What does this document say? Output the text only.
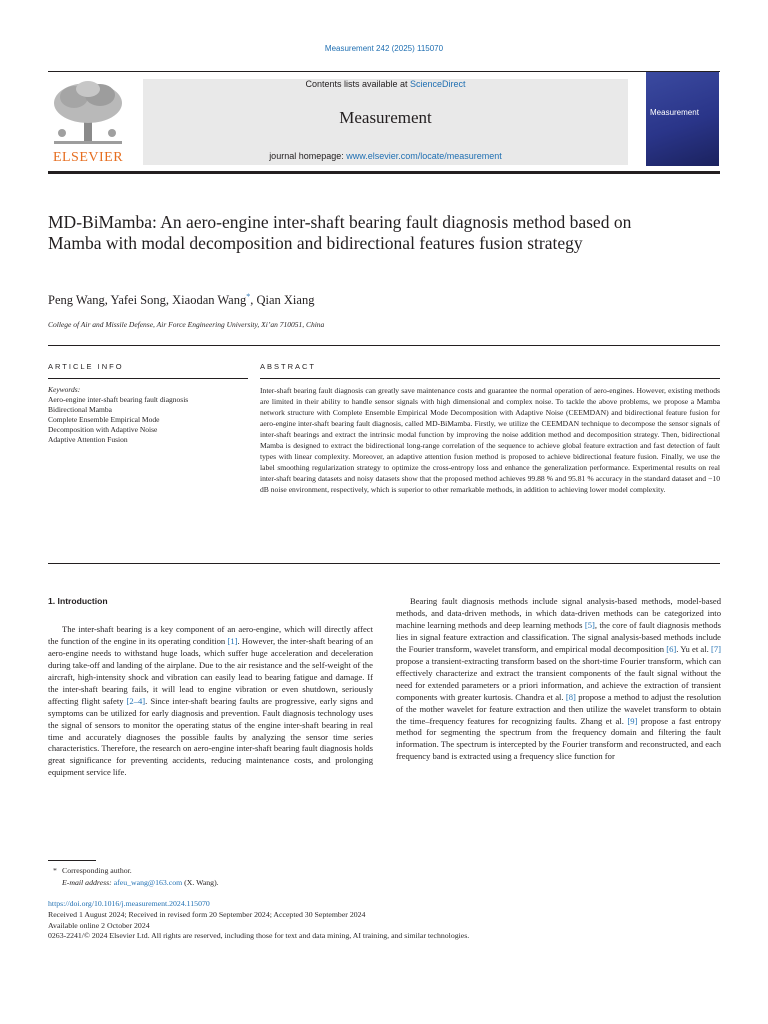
Measurement 242 (2025) 115070
ELSEVIER
Contents lists available at ScienceDirect
Measurement
journal homepage: www.elsevier.com/locate/measurement
Measurement
MD-BiMamba: An aero-engine inter-shaft bearing fault diagnosis method based on Mamba with modal decomposition and bidirectional features fusion strategy
Peng Wang, Yafei Song, Xiaodan Wang*, Qian Xiang
College of Air and Missile Defense, Air Force Engineering University, Xi’an 710051, China
ARTICLE INFO	ABSTRACT
Keywords:
Aero-engine inter-shaft bearing fault diagnosis
Bidirectional Mamba
Complete Ensemble Empirical Mode
Decomposition with Adaptive Noise
Adaptive Attention Fusion
Inter-shaft bearing fault diagnosis can greatly save maintenance costs and guarantee the normal operation of aero-engines. However, existing methods are limited in their ability to handle sensor signals with high dimensional and complex noise. To tackle the above problems, we propose a Mamba network structure with Complete Ensemble Empirical Mode Decomposition with Adaptive Noise (CEEMDAN) and bidirectional feature fusion for aero-engine inter-shaft bearing fault diagnosis, called MD-BiMamba. Firstly, we utilize the CEEMDAN technique to decompose the sensor signals of inter-shaft bearings and extract the intrinsic modal function by improving the noise addition method and decomposition strategy. Then, bidirectional Mamba is designed to extract the bidirectional long-range correlation of the sequence to achieve global feature extraction and fast detection of fault types with linear complexity. Moreover, an adaptive attention fusion method is proposed to achieve bidirectional feature fusion. Finally, we use the label smoothing regularization strategy to optimize the cross-entropy loss and enhance the generalization performance. Experimental results on real inter-shaft bearing datasets and noisy datasets show that the proposed method achieves 99.88 % and 95.81 % accuracy in the standard dataset and −10 dB noise environment, respectively, which is superior to other remarkable methods, in addition to achieving lower model complexity.

1. Introduction

The inter-shaft bearing is a key component of an aero-engine, which will directly affect the function of the engine in its operating condition [1]. However, the inter-shaft bearing of an aero-engine needs to withstand huge loads, which suffer huge acceleration and deceleration during take-off and landing of the airplane. Due to the air resistance and the self-weight of the aircraft, high-intensity shock and vibration can easily lead to bearing fatigue and damage. If the inter-shaft bearing fails, it will lead to engine vibration or even shutdown, seriously affecting flight safety [2–4]. Since inter-shaft bearing faults are progressive, early signs and symptoms can be utilized for early diagnosis and prevention. Fault diagnosis technology uses the signal of sensors to monitor the operating status of the engine inter-shaft bearing in real time and accurately diagnoses the possible faults by analyzing the sensor time series characteristics. Therefore, the research on aero-engine inter-shaft bearing fault diagnosis holds great significance for preventing accidents, reducing maintenance costs, and prolonging equipment service life.

Bearing fault diagnosis methods include signal analysis-based methods, model-based methods, and data-driven methods, in which data-driven methods can be categorized into machine learning methods and deep learning methods [5], the core of fault diagnosis methods lies in signal feature extraction and classification. The signal analysis-based methods include the Fourier transform, wavelet transform, and empirical modal decomposition [6]. Yu et al. [7] propose a transient-extracting transform based on the short-time Fourier transform, which can effectively characterize and extract the transient components of the fault signal without the need for extended parameters or a priori information, and achieve the extraction of transient components with greater kurtosis. Chandra et al. [8] propose a method to adjust the resolution of the mother wavelet for feature extraction and then utilize the wavelet transform to obtain the time–frequency features for recognizing faults. Zhang et al. [9] propose a fast entropy method for segmenting the spectrum from the frequency domain and filtering the fault information. The spectrum is intercepted by the Fourier transform and reconstructed, and each frequency band is extracted using a frequency slice function for

* Corresponding author.
E-mail address: afeu_wang@163.com (X. Wang).
https://doi.org/10.1016/j.measurement.2024.115070
Received 1 August 2024; Received in revised form 20 September 2024; Accepted 30 September 2024
Available online 2 October 2024
0263-2241/© 2024 Elsevier Ltd. All rights are reserved, including those for text and data mining, AI training, and similar technologies.
